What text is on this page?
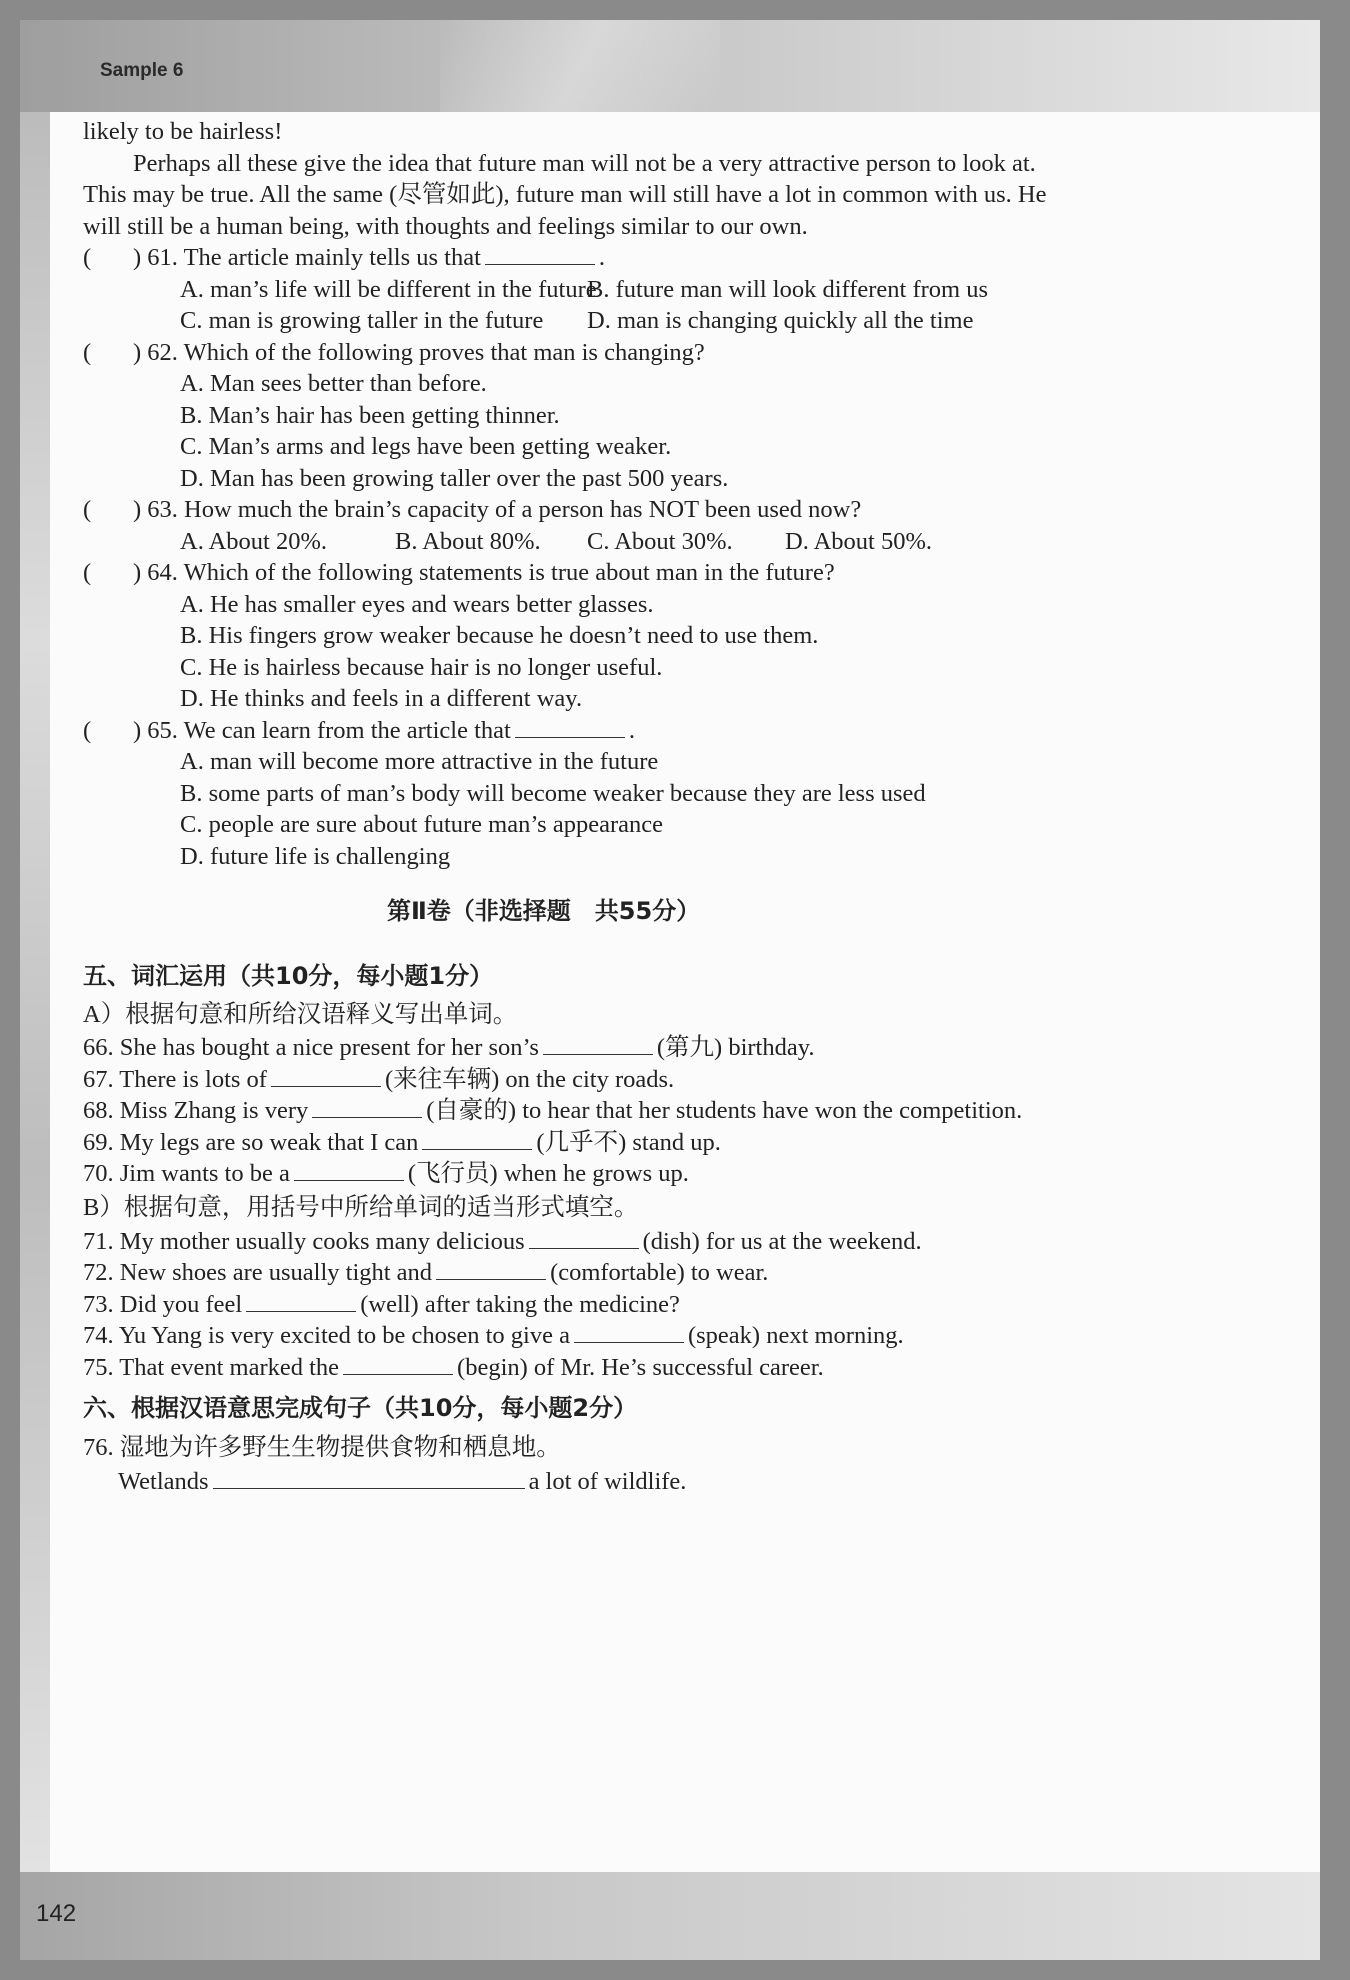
Sample 6
142
likely to be hairless!
Perhaps all these give the idea that future man will not be a very attractive person to look at.
This may be true. All the same (尽管如此), future man will still have a lot in common with us. He
will still be a human being, with thoughts and feelings similar to our own.
( ) 61. The article mainly tells us that	.
A. man’s life will be different in the future
B. future man will look different from us
C. man is growing taller in the future D. man is changing quickly all the time
( ) 62. Which of the following proves that man is changing?
A. Man sees better than before.
B. Man’s hair has been getting thinner.
C. Man’s arms and legs have been getting weaker.
D. Man has been growing taller over the past 500 years.
( ) 63. How much the brain’s capacity of a person has NOT been used now?
A. About 20%.	B. About 80%. C. About 30%. D. About 50%.
( ) 64. Which of the following statements is true about man in the future?
A. He has smaller eyes and wears better glasses.
B. His fingers grow weaker because he doesn’t need to use them.
C. He is hairless because hair is no longer useful.
D. He thinks and feels in a different way.
( ) 65. We can learn from the article that	.
A. man will become more attractive in the future
B. some parts of man’s body will become weaker because they are less used
C. people are sure about future man’s appearance
D. future life is challenging
第Ⅱ卷（非选择题　共55分）
五、词汇运用（共10分，每小题1分）
A）根据句意和所给汉语释义写出单词。
66. She has bought a nice present for her son’s	(第九) birthday.
67. There is lots of	(来往车辆) on the city roads.
68. Miss Zhang is very	(自豪的) to hear that her students have won the competition.
69. My legs are so weak that I can	(几乎不) stand up.
70. Jim wants to be a	(飞行员) when he grows up.
B）根据句意，用括号中所给单词的适当形式填空。
71. My mother usually cooks many delicious	(dish) for us at the weekend.
72. New shoes are usually tight and	(comfortable) to wear.
73. Did you feel	(well) after taking the medicine?
74. Yu Yang is very excited to be chosen to give a	(speak) next morning.
75. That event marked the	(begin) of Mr. He’s successful career.
六、根据汉语意思完成句子（共10分，每小题2分）
76. 湿地为许多野生生物提供食物和栖息地。
Wetlands	a lot of wildlife.
